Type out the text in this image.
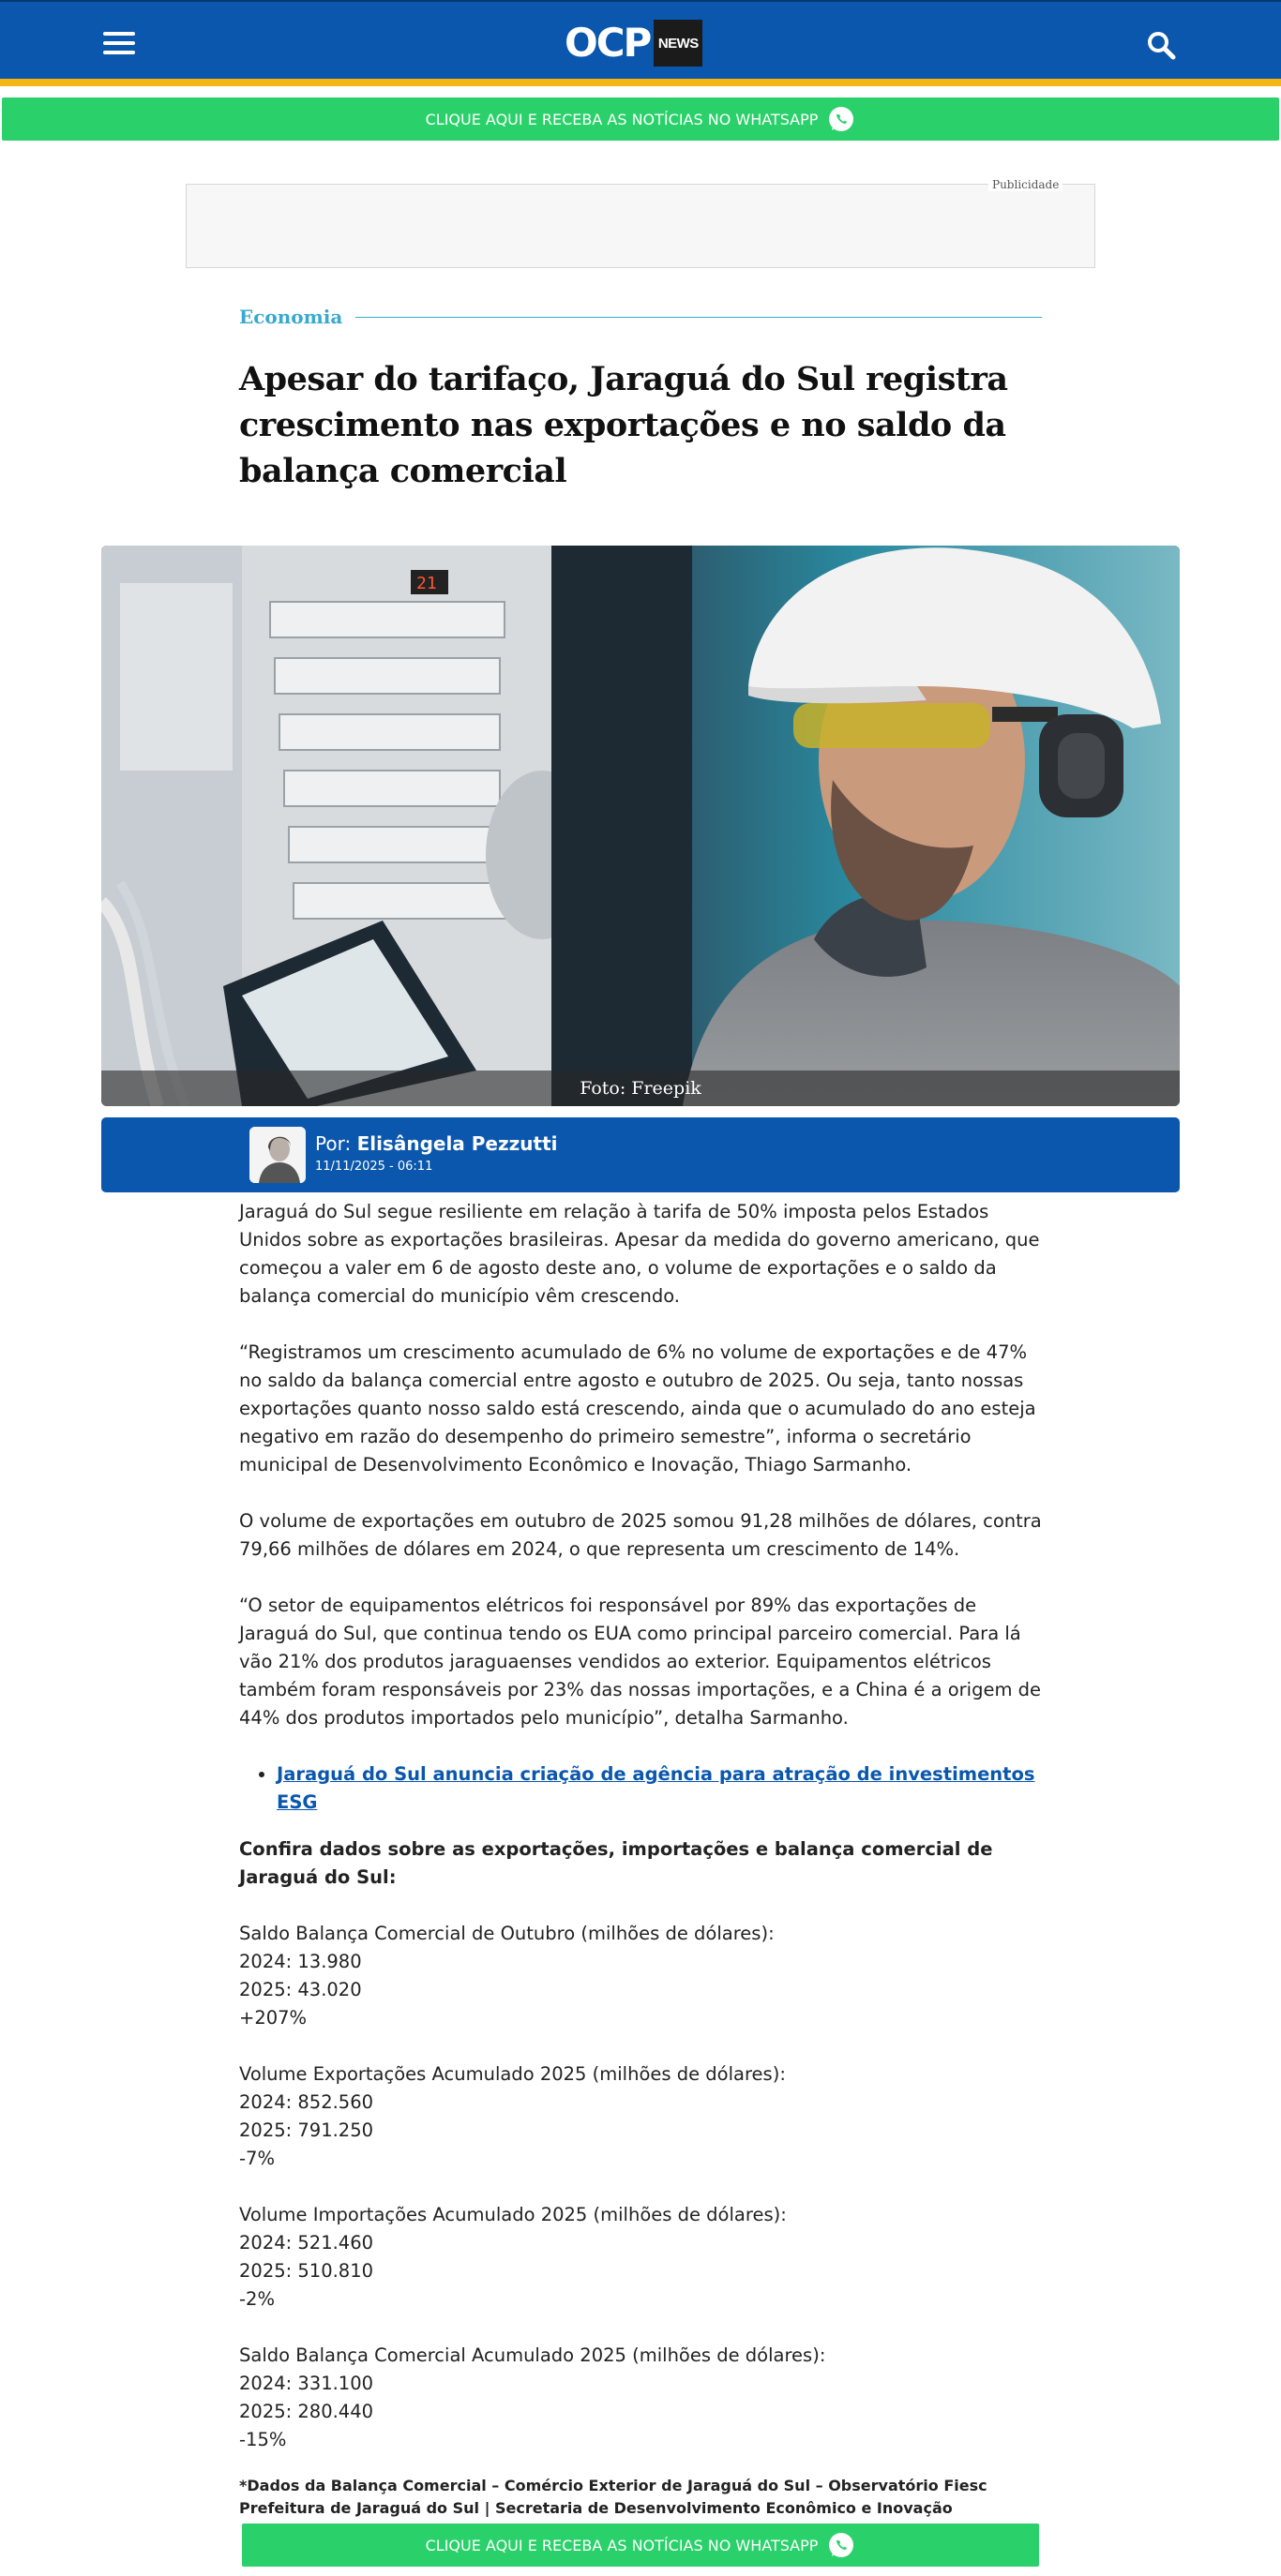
OCP NEWS
CLIQUE AQUI E RECEBA AS NOTÍCIAS NO WHATSAPP
Publicidade
Economia
Apesar do tarifaço, Jaraguá do Sul registra crescimento nas exportações e no saldo da balança comercial
21
Foto: Freepik
Por: Elisângela Pezzutti
11/11/2025 - 06:11

Jaraguá do Sul segue resiliente em relação à tarifa de 50% imposta pelos Estados Unidos sobre as exportações brasileiras. Apesar da medida do governo americano, que começou a valer em 6 de agosto deste ano, o volume de exportações e o saldo da balança comercial do município vêm crescendo.

“Registramos um crescimento acumulado de 6% no volume de exportações e de 47% no saldo da balança comercial entre agosto e outubro de 2025. Ou seja, tanto nossas exportações quanto nosso saldo está crescendo, ainda que o acumulado do ano esteja negativo em razão do desempenho do primeiro semestre”, informa o secretário municipal de Desenvolvimento Econômico e Inovação, Thiago Sarmanho.

O volume de exportações em outubro de 2025 somou 91,28 milhões de dólares, contra 79,66 milhões de dólares em 2024, o que representa um crescimento de 14%.

“O setor de equipamentos elétricos foi responsável por 89% das exportações de Jaraguá do Sul, que continua tendo os EUA como principal parceiro comercial. Para lá vão 21% dos produtos jaraguaenses vendidos ao exterior. Equipamentos elétricos também foram responsáveis por 23% das nossas importações, e a China é a origem de 44% dos produtos importados pelo município”, detalha Sarmanho.

• Jaraguá do Sul anuncia criação de agência para atração de investimentos ESG

Confira dados sobre as exportações, importações e balança comercial de Jaraguá do Sul:

Saldo Balança Comercial de Outubro (milhões de dólares):

2024: 13.980

2025: 43.020

+207%

Volume Exportações Acumulado 2025 (milhões de dólares):

2024: 852.560

2025: 791.250

-7%

Volume Importações Acumulado 2025 (milhões de dólares):

2024: 521.460

2025: 510.810

-2%

Saldo Balança Comercial Acumulado 2025 (milhões de dólares):

2024: 331.100

2025: 280.440

-15%

*Dados da Balança Comercial – Comércio Exterior de Jaraguá do Sul – Observatório Fiesc

Prefeitura de Jaraguá do Sul | Secretaria de Desenvolvimento Econômico e Inovação

CLIQUE AQUI E RECEBA AS NOTÍCIAS NO WHATSAPP
